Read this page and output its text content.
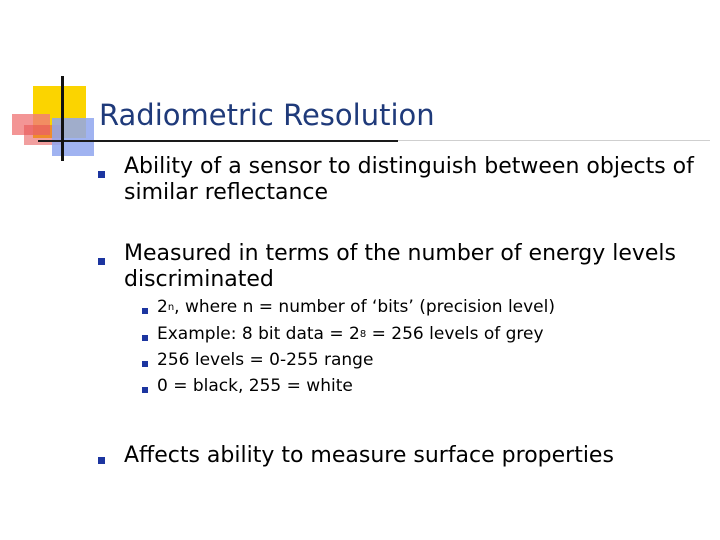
Radiometric Resolution
Ability of a sensor to distinguish between objects of
similar reflectance
Measured in terms of the number of energy levels
discriminated
2$^n$, where n = number of ‘bits’ (precision level)
Example: 8 bit data = $2^8 = 256$ levels of grey
256 levels = 0-255 range
0 = black, 255 = white
Affects ability to measure surface properties
